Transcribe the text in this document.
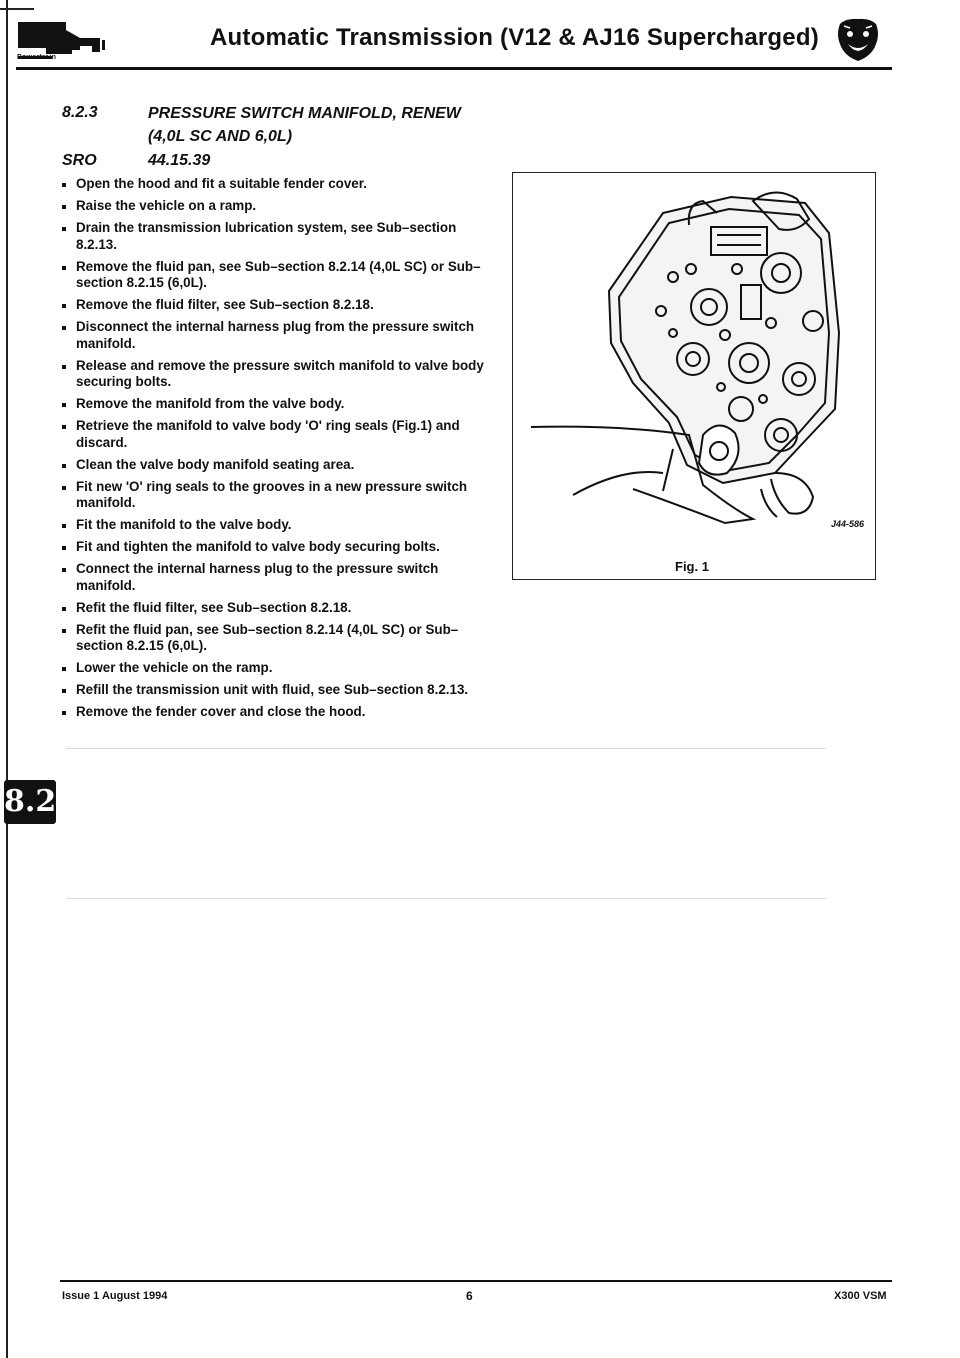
Powertrain
Automatic Transmission (V12 & AJ16 Supercharged)
8.2.3	PRESSURE SWITCH MANIFOLD, RENEW
(4,0L SC AND 6,0L)
SRO	44.15.39
Open the hood and fit a suitable fender cover.
Raise the vehicle on a ramp.
Drain the transmission lubrication system, see Sub–section 8.2.13.
Remove the fluid pan, see Sub–section 8.2.14 (4,0L SC) or Sub–section 8.2.15 (6,0L).
Remove the fluid filter, see Sub–section 8.2.18.
Disconnect the internal harness plug from the pressure switch manifold.
Release and remove the pressure switch manifold to valve body securing bolts.
Remove the manifold from the valve body.
Retrieve the manifold to valve body 'O' ring seals (Fig.1) and discard.
Clean the valve body manifold seating area.
Fit new 'O' ring seals to the grooves in a new pressure switch manifold.
Fit the manifold to the valve body.
Fit and tighten the manifold to valve body securing bolts.
Connect the internal harness plug to the pressure switch manifold.
Refit the fluid filter, see Sub–section 8.2.18.
Refit the fluid pan, see Sub–section 8.2.14 (4,0L SC) or Sub–section 8.2.15 (6,0L).
Lower the vehicle on the ramp.
Refill the transmission unit with fluid, see Sub–section 8.2.13.
Remove the fender cover and close the hood.
J44-586
Fig. 1
8.2
Issue 1 August 1994	6	X300 VSM
